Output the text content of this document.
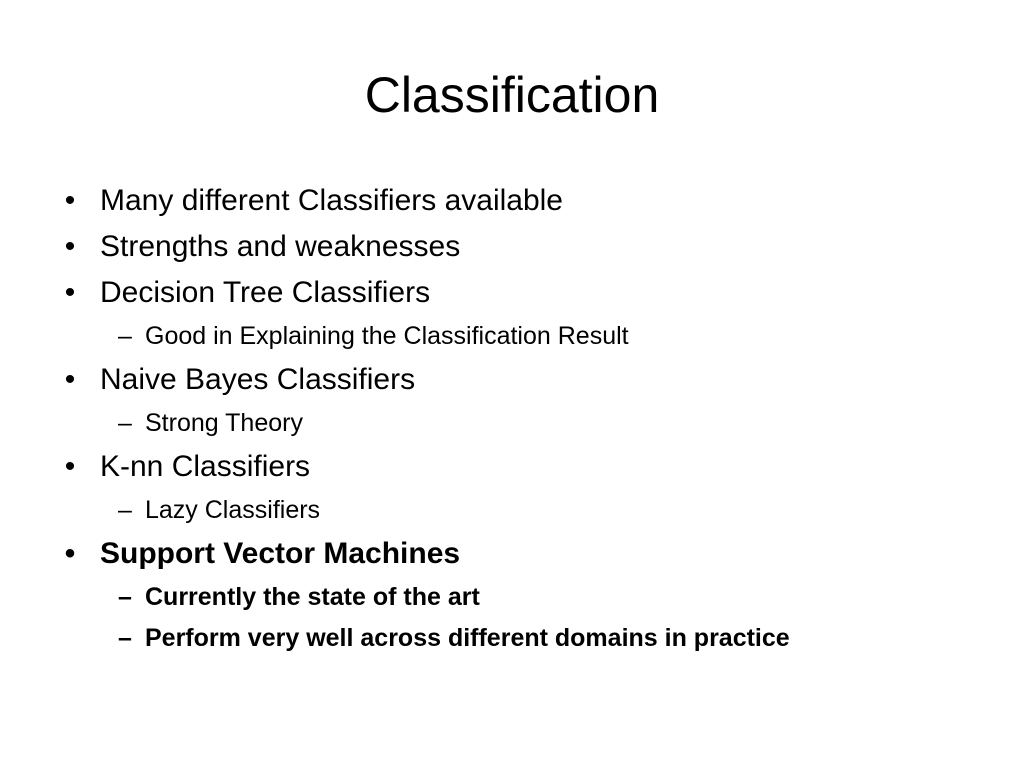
Classification
• Many different Classifiers available
• Strengths and weaknesses
• Decision Tree Classifiers
– Good in Explaining the Classification Result
• Naive Bayes Classifiers
– Strong Theory
• K-nn Classifiers
– Lazy Classifiers
• Support Vector Machines
– Currently the state of the art
– Perform very well across different domains in practice
